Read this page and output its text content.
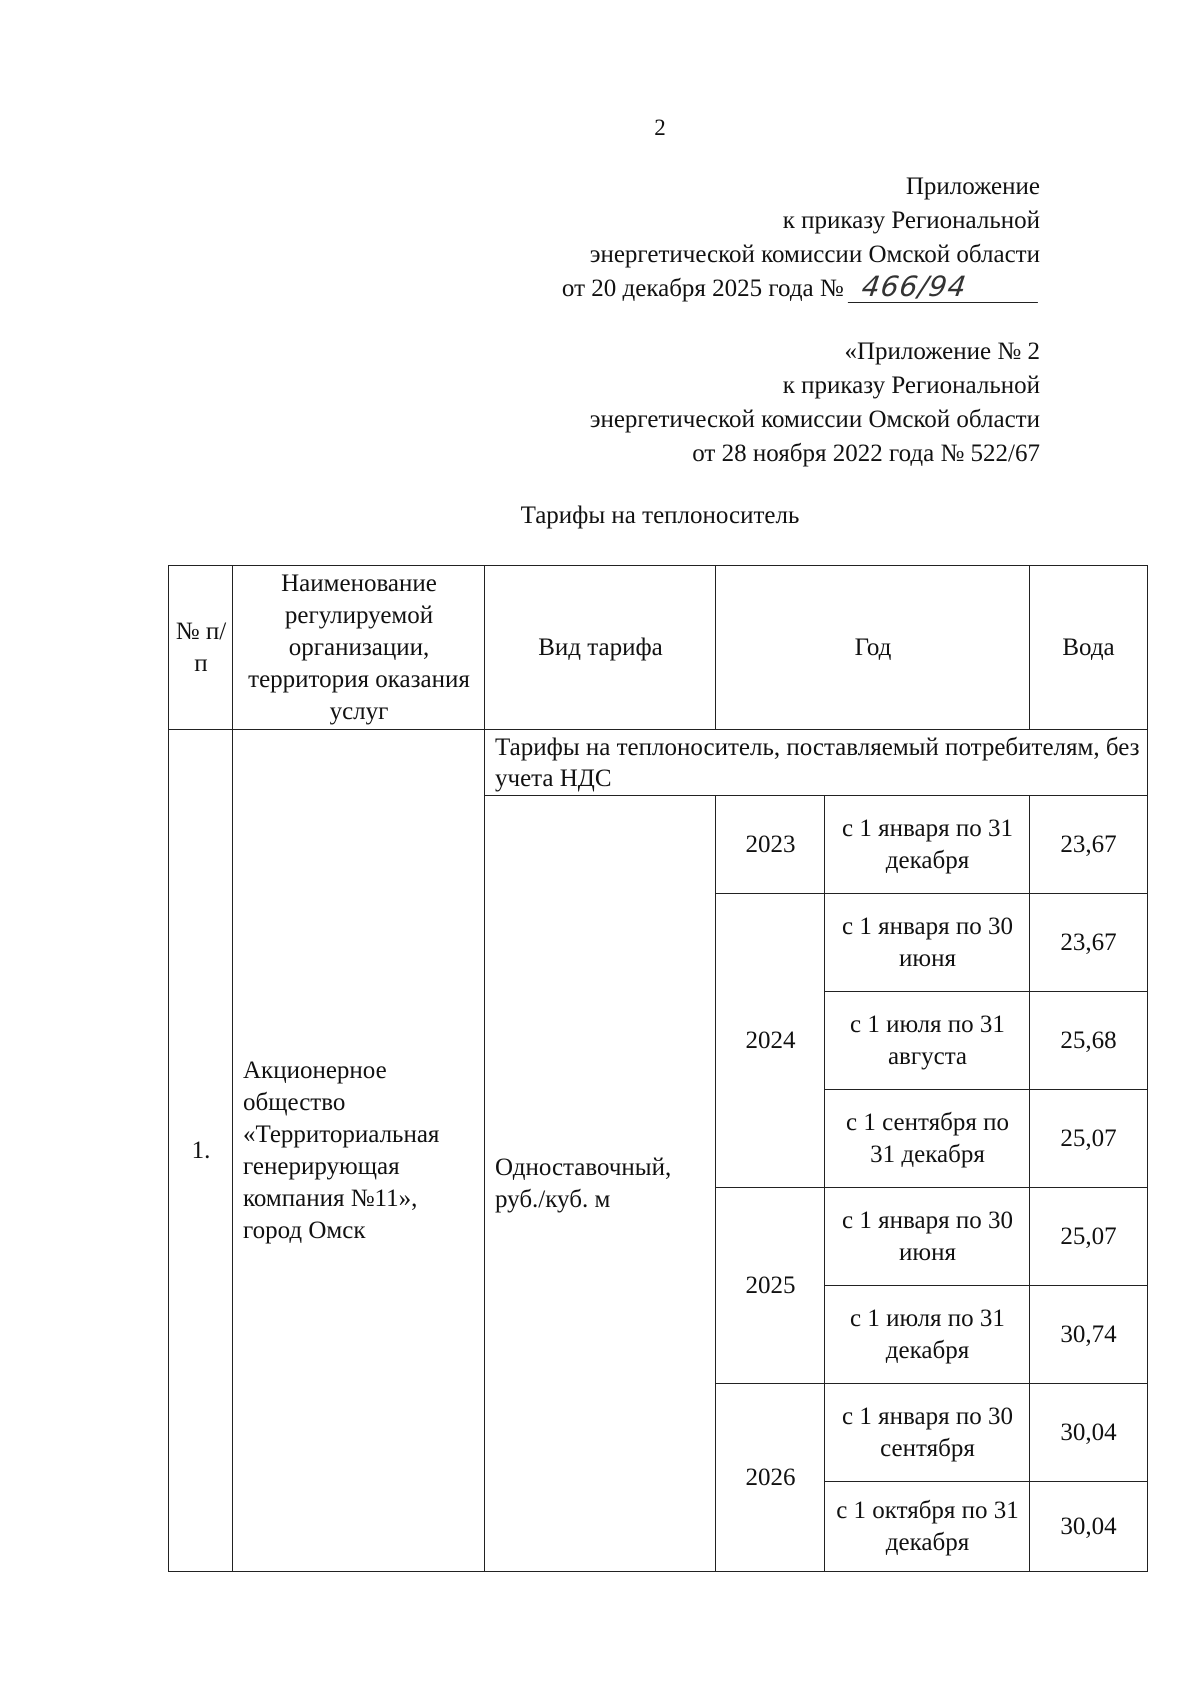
2
Приложение
к приказу Региональной
энергетической комиссии Омской области
от 20 декабря 2025 года № 466/94
«Приложение № 2
к приказу Региональной
энергетической комиссии Омской области
от 28 ноября 2022 года № 522/67
Тарифы на теплоноситель
№ п/п
Наименование регулируемой организации, территория оказания услуг
Вид тарифа	Год	Вода
1.
Акционерное общество «Территориальная генерирующая компания №11», город Омск
Тарифы на теплоноситель, поставляемый потребителям, без учета НДС
Одноставочный, руб./куб. м
2023
2024
2025
2026
с 1 января по 31 декабря
с 1 января по 30 июня
с 1 июля по 31 августа
с 1 сентября по 31 декабря
с 1 января по 30 июня
с 1 июля по 31 декабря
с 1 января по 30 сентября
с 1 октября по 31 декабря
23,67
23,67
25,68
25,07
25,07
30,74
30,04
30,04
